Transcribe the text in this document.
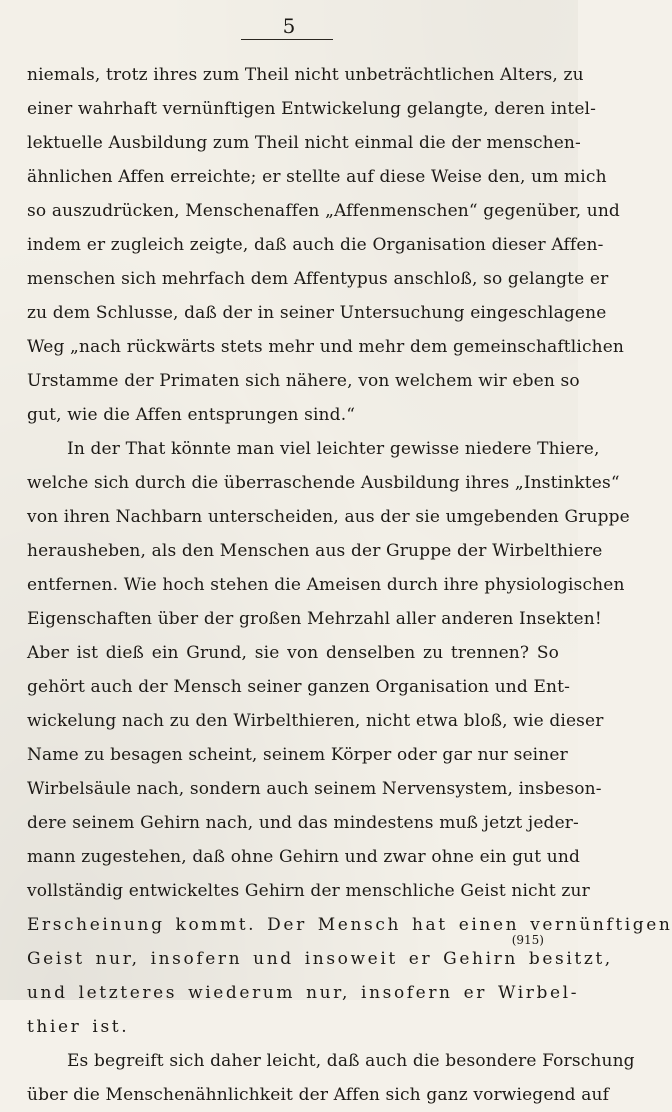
5
niemals, trotz ihres zum Theil nicht unbeträchtlichen Alters, zu
einer wahrhaft vernünftigen Entwickelung gelangte, deren intel-
lektuelle Ausbildung zum Theil nicht einmal die der menschen-
ähnlichen Affen erreichte; er stellte auf diese Weise den, um mich
so auszudrücken, Menschenaffen „Affenmenschen“ gegenüber, und
indem er zugleich zeigte, daß auch die Organisation dieser Affen-
menschen sich mehrfach dem Affentypus anschloß, so gelangte er
zu dem Schlusse, daß der in seiner Untersuchung eingeschlagene
Weg „nach rückwärts stets mehr und mehr dem gemeinschaftlichen
Urstamme der Primaten sich nähere, von welchem wir eben so
gut, wie die Affen entsprungen sind.“
In der That könnte man viel leichter gewisse niedere Thiere,
welche sich durch die überraschende Ausbildung ihres „Instinktes“
von ihren Nachbarn unterscheiden, aus der sie umgebenden Gruppe
herausheben, als den Menschen aus der Gruppe der Wirbelthiere
entfernen. Wie hoch stehen die Ameisen durch ihre physiologischen
Eigenschaften über der großen Mehrzahl aller anderen Insekten!
Aber ist dieß ein Grund, sie von denselben zu trennen? So
gehört auch der Mensch seiner ganzen Organisation und Ent-
wickelung nach zu den Wirbelthieren, nicht etwa bloß, wie dieser
Name zu besagen scheint, seinem Körper oder gar nur seiner
Wirbelsäule nach, sondern auch seinem Nervensystem, insbeson-
dere seinem Gehirn nach, und das mindestens muß jetzt jeder-
mann zugestehen, daß ohne Gehirn und zwar ohne ein gut und
vollständig entwickeltes Gehirn der menschliche Geist nicht zur
Erscheinung kommt. Der Mensch hat einen vernünftigen
Geist nur, insofern und insoweit er Gehirn besitzt,
und letzteres wiederum nur, insofern er Wirbel-
thier ist.
Es begreift sich daher leicht, daß auch die besondere Forschung
über die Menschenähnlichkeit der Affen sich ganz vorwiegend auf
(915)
